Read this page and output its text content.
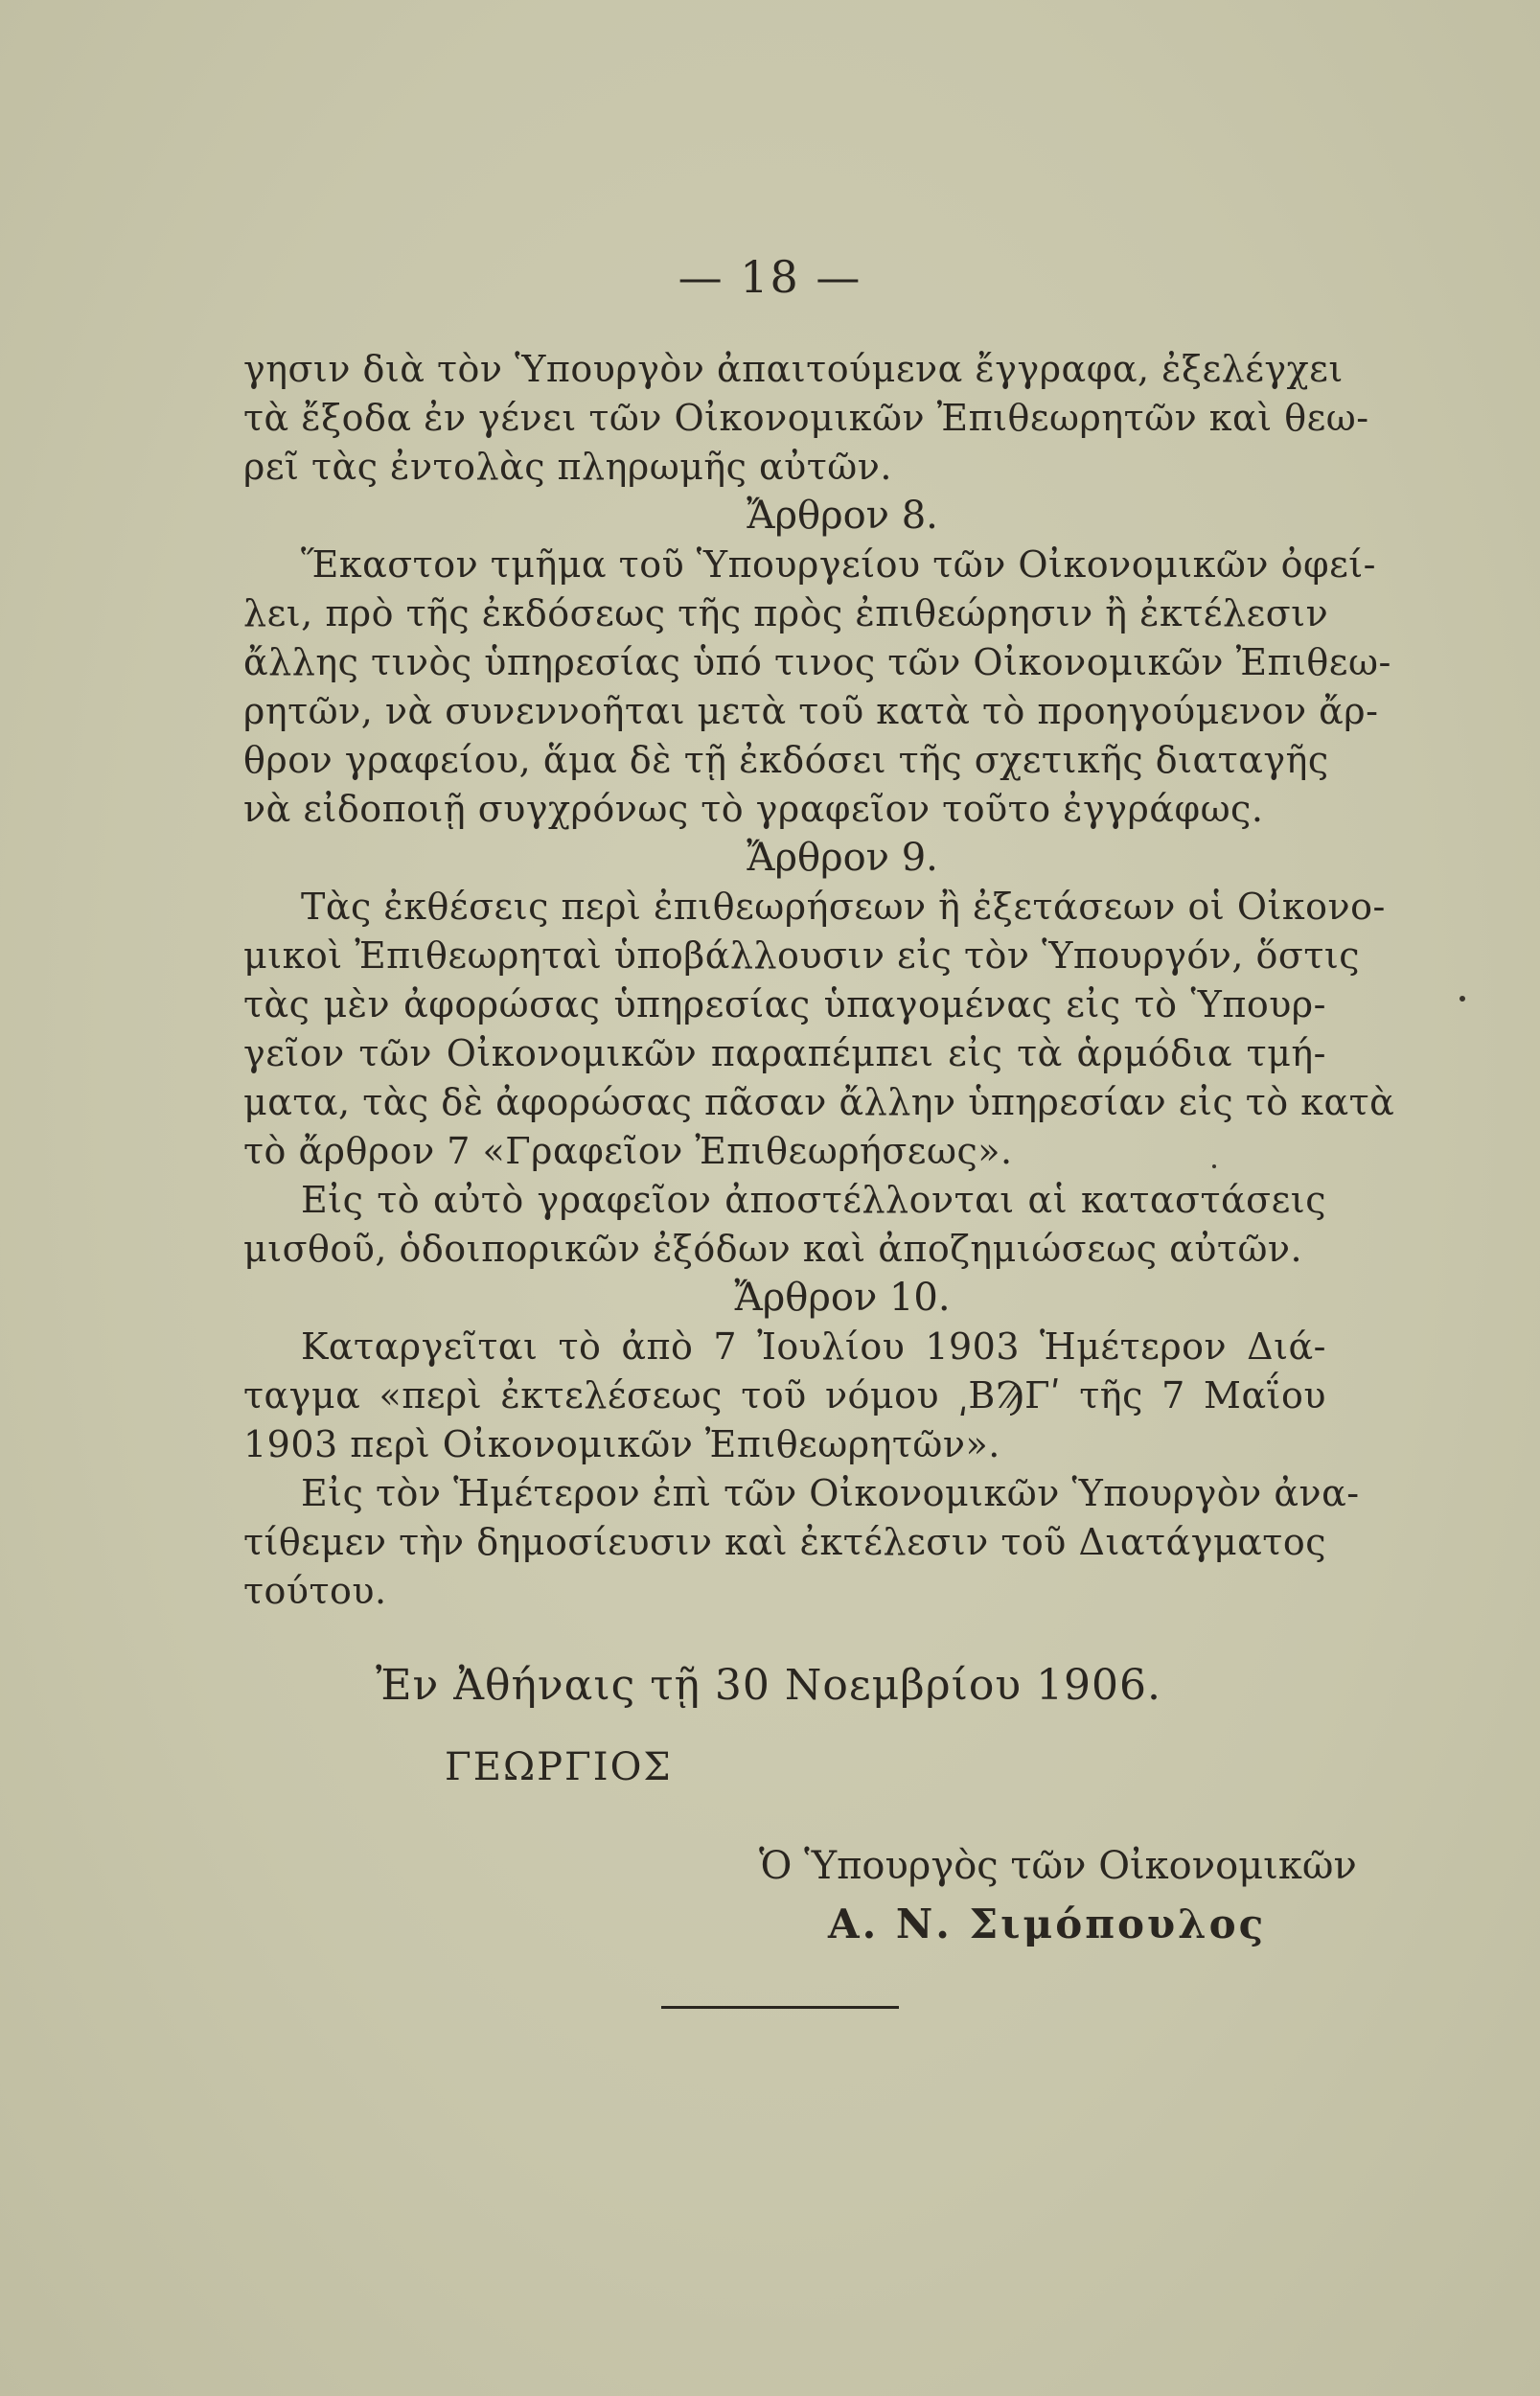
— 18 —
γησιν διὰ τὸν Ὑπουργὸν ἀπαιτούμενα ἔγγραφα, ἐξελέγχει
τὰ ἔξοδα ἐν γένει τῶν Οἰκονομικῶν Ἐπιθεωρητῶν καὶ θεω-
ρεῖ τὰς ἐντολὰς πληρωμῆς αὐτῶν.
Ἄρθρον 8.
Ἕκαστον τμῆμα τοῦ Ὑπουργείου τῶν Οἰκονομικῶν ὀφεί-
λει, πρὸ τῆς ἐκδόσεως τῆς πρὸς ἐπιθεώρησιν ἢ ἐκτέλεσιν
ἄλλης τινὸς ὑπηρεσίας ὑπό τινος τῶν Οἰκονομικῶν Ἐπιθεω-
ρητῶν, νὰ συνεννοῆται μετὰ τοῦ κατὰ τὸ προηγούμενον ἄρ-
θρον γραφείου, ἅμα δὲ τῇ ἐκδόσει τῆς σχετικῆς διαταγῆς
νὰ εἰδοποιῇ συγχρόνως τὸ γραφεῖον τοῦτο ἐγγράφως.
Ἄρθρον 9.
Τὰς ἐκθέσεις περὶ ἐπιθεωρήσεων ἢ ἐξετάσεων οἱ Οἰκονο-
μικοὶ Ἐπιθεωρηταὶ ὑποβάλλουσιν εἰς τὸν Ὑπουργόν, ὅστις
τὰς μὲν ἀφορώσας ὑπηρεσίας ὑπαγομένας εἰς τὸ Ὑπουρ-
γεῖον τῶν Οἰκονομικῶν παραπέμπει εἰς τὰ ἁρμόδια τμή-
ματα, τὰς δὲ ἀφορώσας πᾶσαν ἄλλην ὑπηρεσίαν εἰς τὸ κατὰ
τὸ ἄρθρον 7 «Γραφεῖον Ἐπιθεωρήσεως».
Εἰς τὸ αὐτὸ γραφεῖον ἀποστέλλονται αἱ καταστάσεις
μισθοῦ, ὁδοιπορικῶν ἐξόδων καὶ ἀποζημιώσεως αὐτῶν.
Ἄρθρον 10.
Καταργεῖται τὸ ἀπὸ 7 Ἰουλίου 1903 Ἡμέτερον Διά-
ταγμα «περὶ ἐκτελέσεως τοῦ νόμου ͵ΒϠΓʹ τῆς 7 Μαΐου
1903 περὶ Οἰκονομικῶν Ἐπιθεωρητῶν».
Εἰς τὸν Ἡμέτερον ἐπὶ τῶν Οἰκονομικῶν Ὑπουργὸν ἀνα-
τίθεμεν τὴν δημοσίευσιν καὶ ἐκτέλεσιν τοῦ Διατάγματος
τούτου.
Ἐν Ἀθήναις τῇ 30 Νοεμβρίου 1906.
ΓΕΩΡΓΙΟΣ
Ὁ Ὑπουργὸς τῶν Οἰκονομικῶν
Α. Ν. Σιμόπουλος
